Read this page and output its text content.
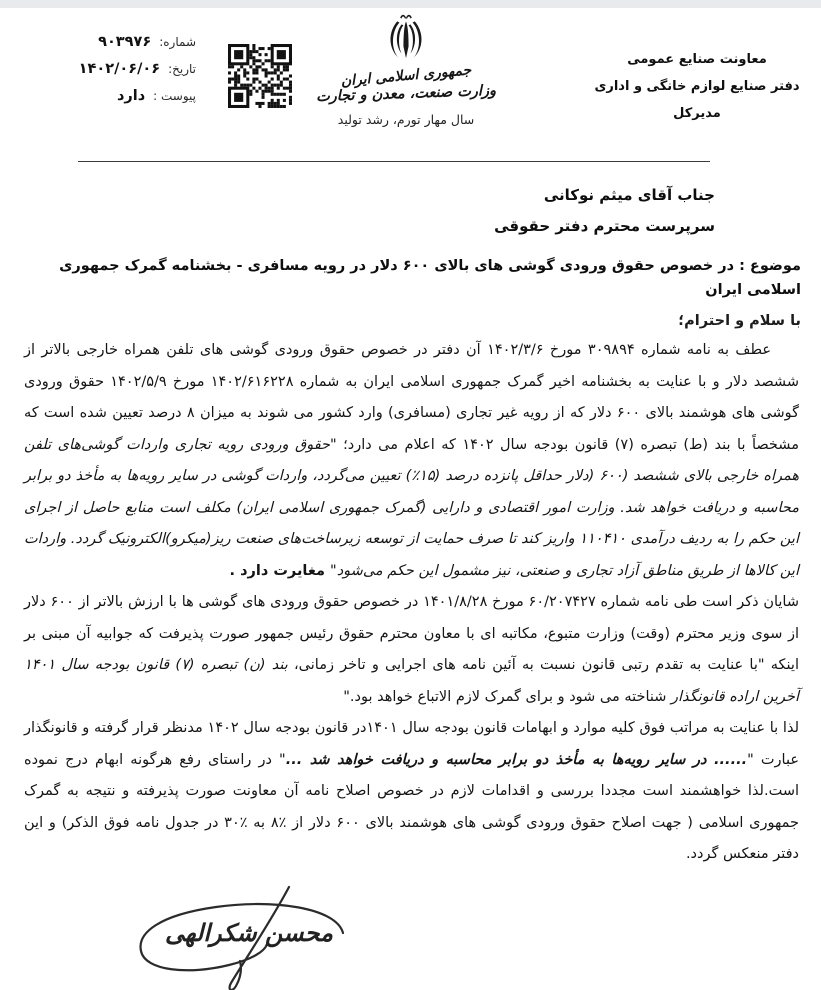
شماره:
۹۰۳۹۷۶
تاریخ:
۱۴۰۲/۰۶/۰۶
پیوست :
دارد
جمهوری اسلامی ایران
وزارت صنعت، معدن و تجارت
سال مهار تورم، رشد تولید
معاونت صنایع عمومی
دفتر صنایع لوازم خانگی و اداری
مدیرکل
جناب آقای میثم نوکانی
سرپرست محترم دفتر حقوقی
موضوع : در خصوص حقوق ورودی گوشی های بالای ۶۰۰ دلار در رویه مسافری - بخشنامه گمرک جمهوری اسلامی ایران
با سلام و احترام؛

عطف به نامه شماره ۳۰۹۸۹۴ مورخ ۱۴۰۲/۳/۶ آن دفتر در خصوص حقوق ورودی گوشی های تلفن همراه خارجی بالاتر از ششصد دلار و با عنایت به بخشنامه اخیر گمرک جمهوری اسلامی ایران به شماره ۱۴۰۲/۶۱۶۲۲۸ مورخ ۱۴۰۲/۵/۹ حقوق ورودی گوشی های هوشمند بالای ۶۰۰ دلار که از رویه غیر تجاری (مسافری) وارد کشور می شوند به میزان ۸ درصد تعیین شده است که مشخصاً با بند (ط) تبصره (۷) قانون بودجه سال ۱۴۰۲ که اعلام می دارد؛ "حقوق ورودی رویه تجاری واردات گوشی‌های تلفن همراه خارجی بالای ششصد (۶۰۰ (دلار حداقل پانزده درصد (۱۵٪) تعیین می‌گردد، واردات گوشی در سایر رویه‌ها به مأخذ دو برابر محاسبه و دریافت خواهد شد. وزارت امور اقتصادی و دارایی (گمرک جمهوری اسلامی ایران) مکلف است منابع حاصل از اجرای این حکم را به ردیف درآمدی ۱۱۰۴۱۰ واریز کند تا صرف حمایت از توسعه زیرساخت‌های صنعت ریز(میکرو)الکترونیک گردد. واردات این کالاها از طریق مناطق آزاد تجاری و صنعتی، نیز مشمول این حکم می‌شود" مغایرت دارد .

شایان ذکر است طی نامه شماره ۶۰/۲۰۷۴۲۷ مورخ ۱۴۰۱/۸/۲۸ در خصوص حقوق ورودی های گوشی ها با ارزش بالاتر از ۶۰۰ دلار از سوی وزیر محترم (وقت) وزارت متبوع، مکاتبه ای با معاون محترم حقوق رئیس جمهور صورت پذیرفت که جوابیه آن مبنی بر اینکه "با عنایت به تقدم رتبی قانون نسبت به آئین نامه های اجرایی و تاخر زمانی، بند (ن) تبصره (۷) قانون بودجه سال ۱۴۰۱ آخرین اراده قانونگذار شناخته می شود و برای گمرک لازم الاتباع خواهد بود."

لذا با عنایت به مراتب فوق کلیه موارد و ابهامات قانون بودجه سال ۱۴۰۱در قانون بودجه سال ۱۴۰۲ مدنظر قرار گرفته و قانونگذار عبارت "...... در سایر رویه‌ها به مأخذ دو برابر محاسبه و دریافت خواهد شد ..." در راستای رفع هرگونه ابهام درج نموده است.لذا خواهشمند است مجددا بررسی و اقدامات لازم در خصوص اصلاح نامه آن معاونت صورت پذیرفته و نتیجه به گمرک جمهوری اسلامی ( جهت اصلاح حقوق ورودی گوشی های هوشمند بالای ۶۰۰ دلار از ٪۸ به ٪۳۰ در جدول نامه فوق الذکر) و این دفتر منعکس گردد.

محسن شکرالهی
